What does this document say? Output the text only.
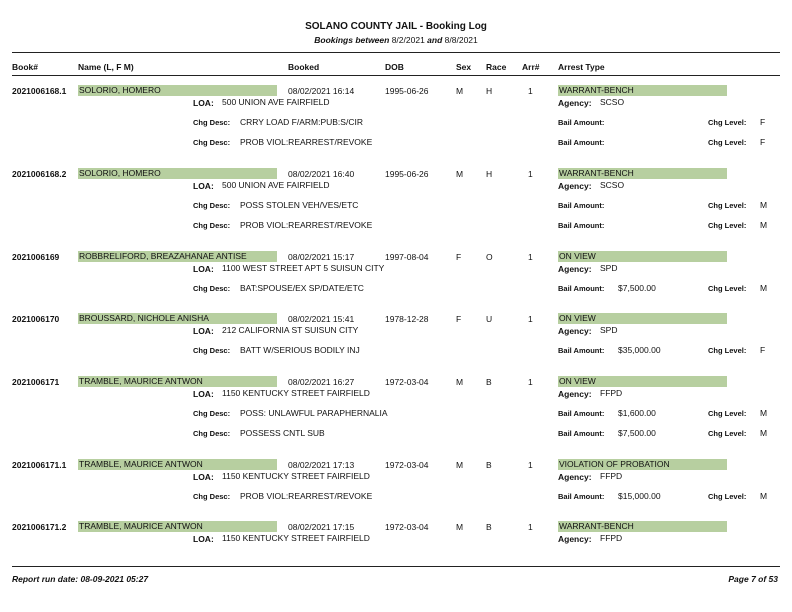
SOLANO COUNTY JAIL - Booking Log
Bookings between 8/2/2021 and 8/8/2021
Book#	Name (L, F M)	Booked	DOB	Sex Race Arr# Arrest Type
2021006168.1 SOLORIO, HOMERO	08/02/2021 16:14	1995-06-26	M	H	1	WARRANT-BENCH
LOA: 500 UNION AVE FAIRFIELD	Agency: SCSO
Chg Desc: CRRY LOAD F/ARM:PUB:S/CIR	Bail Amount:	Chg Level: F
Chg Desc: PROB VIOL:REARREST/REVOKE	Bail Amount:	Chg Level: F
2021006168.2 SOLORIO, HOMERO	08/02/2021 16:40	1995-06-26	M	H	1	WARRANT-BENCH
LOA: 500 UNION AVE FAIRFIELD	Agency: SCSO
Chg Desc: POSS STOLEN VEH/VES/ETC	Bail Amount:	Chg Level: M
Chg Desc: PROB VIOL:REARREST/REVOKE	Bail Amount:	Chg Level: M
2021006169 ROBBRELIFORD, BREAZAHANAE ANTISE	08/02/2021 15:17	1997-08-04	F	O	1	ON VIEW
LOA: 1100 WEST STREET APT 5 SUISUN CITY	Agency: SPD
Chg Desc: BAT:SPOUSE/EX SP/DATE/ETC	Bail Amount: $7,500.00	Chg Level: M
2021006170 BROUSSARD, NICHOLE ANISHA	08/02/2021 15:41	1978-12-28	F	U	1	ON VIEW
LOA: 212 CALIFORNIA ST SUISUN CITY	Agency: SPD
Chg Desc: BATT W/SERIOUS BODILY INJ	Bail Amount: $35,000.00	Chg Level: F
2021006171 TRAMBLE, MAURICE ANTWON	08/02/2021 16:27	1972-03-04	M	B	1	ON VIEW
LOA: 1150 KENTUCKY STREET FAIRFIELD	Agency: FFPD
Chg Desc: POSS: UNLAWFUL PARAPHERNALIA	Bail Amount: $1,600.00	Chg Level: M
Chg Desc: POSSESS CNTL SUB	Bail Amount: $7,500.00	Chg Level: M
2021006171.1 TRAMBLE, MAURICE ANTWON	08/02/2021 17:13	1972-03-04	M	B	1	VIOLATION OF PROBATION
LOA: 1150 KENTUCKY STREET FAIRFIELD	Agency: FFPD
Chg Desc: PROB VIOL:REARREST/REVOKE	Bail Amount: $15,000.00	Chg Level: M
2021006171.2 TRAMBLE, MAURICE ANTWON	08/02/2021 17:15	1972-03-04	M	B	1	WARRANT-BENCH
LOA: 1150 KENTUCKY STREET FAIRFIELD	Agency: FFPD
Report run date: 08-09-2021 05:27	Page 7 of 53
